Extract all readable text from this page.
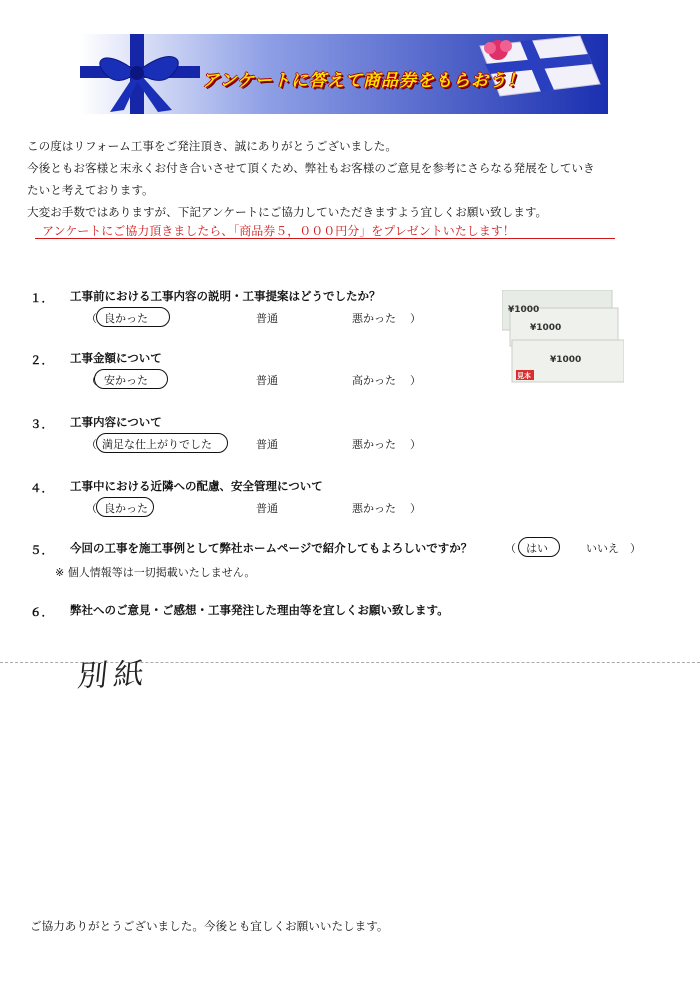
アンケートに答えて商品券をもらおう！
この度はリフォーム工事をご発注頂き、誠にありがとうございました。
今後ともお客様と末永くお付き合いさせて頂くため、弊社もお客様のご意見を参考にさらなる発展をしていき
たいと考えております。
大変お手数ではありますが、下記アンケートにご協力していただきますよう宜しくお願い致します。
アンケートにご協力頂きましたら、「商品券５，０００円分」をプレゼントいたします！
１． 工事前における工事内容の説明・工事提案はどうでしたか？
（ 良かった	普通	悪かった ）
２． 工事金額について
（ 安かった	普通	高かった ）
３． 工事内容について
（ 満足な仕上がりでした	普通	悪かった ）
４． 工事中における近隣への配慮、安全管理について
（ 良かった	普通	悪かった ）
５． 今回の工事を施工事例として弊社ホームページで紹介してもよろしいですか？	（ はい	いいえ ）
※ 個人情報等は一切掲載いたしません。
６． 弊社へのご意見・ご感想・工事発注した理由等を宜しくお願い致します。
別紙
¥1000
¥1000
¥1000
見本
ご協力ありがとうございました。今後とも宜しくお願いいたします。
